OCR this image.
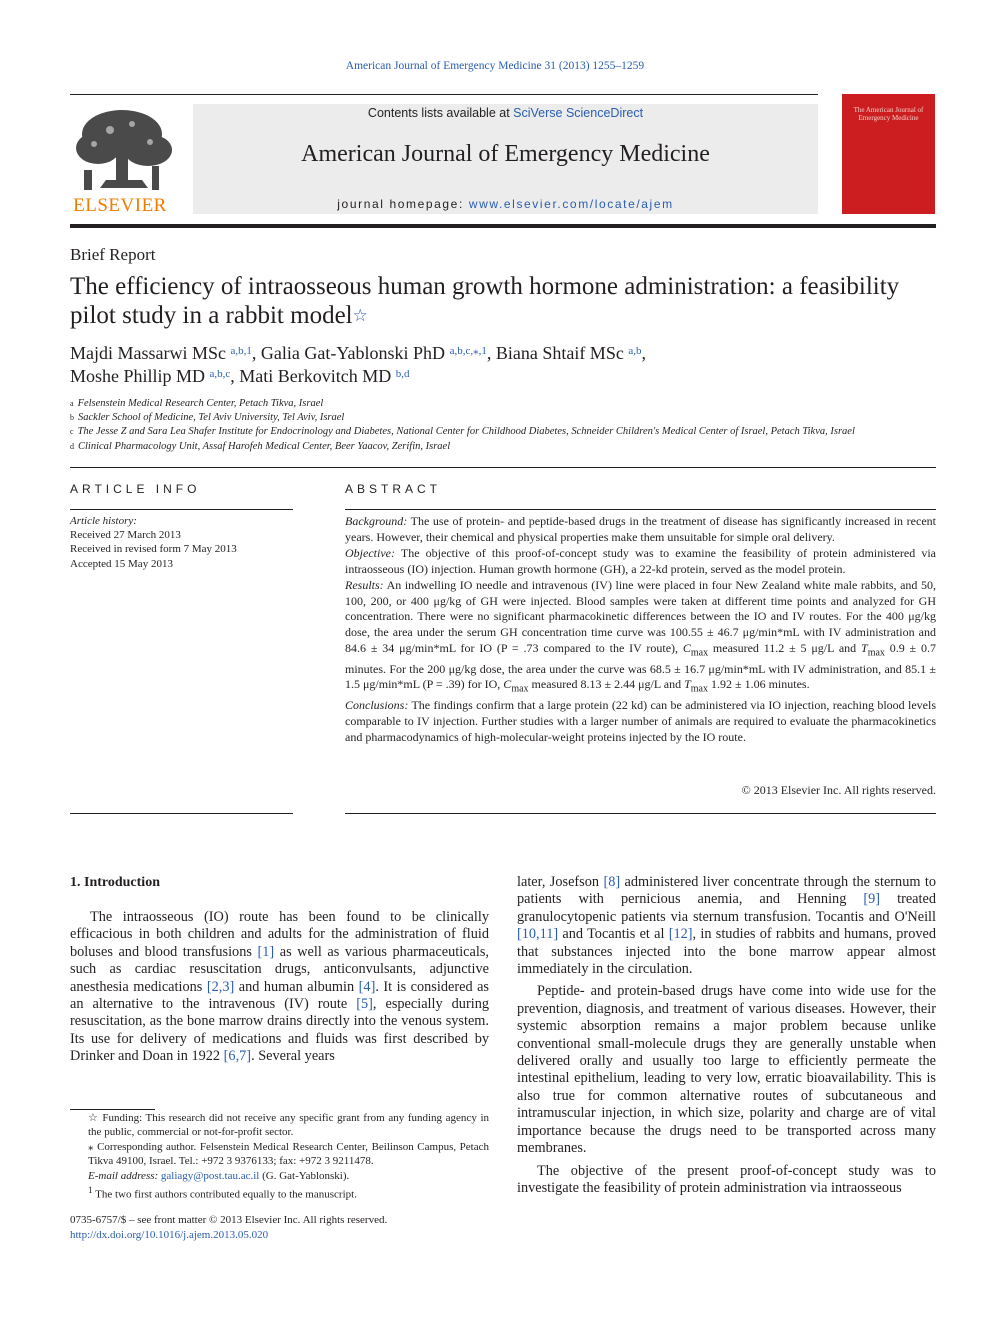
American Journal of Emergency Medicine 31 (2013) 1255–1259
ELSEVIER
Contents lists available at SciVerse ScienceDirect
American Journal of Emergency Medicine
journal homepage: www.elsevier.com/locate/ajem
The American Journal of Emergency Medicine
Brief Report
The efficiency of intraosseous human growth hormone administration: a feasibility pilot study in a rabbit model☆
Majdi Massarwi MSc $^{a,b,1}$, Galia Gat-Yablonski PhD $^{a,b,c,⁎,1}$, Biana Shtaif MSc $^{a,b}$,
Moshe Phillip MD $^{a,b,c}$, Mati Berkovitch MD $^{b,d}$
$^a$ Felsenstein Medical Research Center, Petach Tikva, Israel
$^b$ Sackler School of Medicine, Tel Aviv University, Tel Aviv, Israel
$^c$ The Jesse Z and Sara Lea Shafer Institute for Endocrinology and Diabetes, National Center for Childhood Diabetes, Schneider Children's Medical Center of Israel, Petach Tikva, Israel
$^d$ Clinical Pharmacology Unit, Assaf Harofeh Medical Center, Beer Yaacov, Zerifin, Israel
ARTICLE INFO
Article history:
Received 27 March 2013
Received in revised form 7 May 2013
Accepted 15 May 2013
ABSTRACT

Background: The use of protein- and peptide-based drugs in the treatment of disease has significantly increased in recent years. However, their chemical and physical properties make them unsuitable for simple oral delivery.

Objective: The objective of this proof-of-concept study was to examine the feasibility of protein administered via intraosseous (IO) injection. Human growth hormone (GH), a 22-kd protein, served as the model protein.

Results: An indwelling IO needle and intravenous (IV) line were placed in four New Zealand white male rabbits, and 50, 100, 200, or 400 μg/kg of GH were injected. Blood samples were taken at different time points and analyzed for GH concentration. There were no significant pharmacokinetic differences between the IO and IV routes. For the 400 μg/kg dose, the area under the serum GH concentration time curve was 100.55 ± 46.7 μg/min*mL with IV administration and 84.6 ± 34 μg/min*mL for IO (P = .73 compared to the IV route), $C_{max}$ measured 11.2 ± 5 μg/L and $T_{max}$ 0.9 ± 0.7 minutes. For the 200 μg/kg dose, the area under the curve was 68.5 ± 16.7 μg/min*mL with IV administration, and 85.1 ± 1.5 μg/min*mL (P = .39) for IO, $C_{max}$ measured 8.13 ± 2.44 μg/L and $T_{max}$ 1.92 ± 1.06 minutes.

Conclusions: The findings confirm that a large protein (22 kd) can be administered via IO injection, reaching blood levels comparable to IV injection. Further studies with a larger number of animals are required to evaluate the pharmacokinetics and pharmacodynamics of high-molecular-weight proteins injected by the IO route.

© 2013 Elsevier Inc. All rights reserved.
1. Introduction

The intraosseous (IO) route has been found to be clinically efficacious in both children and adults for the administration of fluid boluses and blood transfusions [1] as well as various pharmaceuticals, such as cardiac resuscitation drugs, anticonvulsants, adjunctive anesthesia medications [2,3] and human albumin [4]. It is considered as an alternative to the intravenous (IV) route [5], especially during resuscitation, as the bone marrow drains directly into the venous system. Its use for delivery of medications and fluids was first described by Drinker and Doan in 1922 [6,7]. Several years

later, Josefson [8] administered liver concentrate through the sternum to patients with pernicious anemia, and Henning [9] treated granulocytopenic patients via sternum transfusion. Tocantis and O'Neill [10,11] and Tocantis et al [12], in studies of rabbits and humans, proved that substances injected into the bone marrow appear almost immediately in the circulation.

Peptide- and protein-based drugs have come into wide use for the prevention, diagnosis, and treatment of various diseases. However, their systemic absorption remains a major problem because unlike conventional small-molecule drugs they are generally unstable when delivered orally and usually too large to efficiently permeate the intestinal epithelium, leading to very low, erratic bioavailability. This is also true for common alternative routes of subcutaneous and intramuscular injection, in which size, polarity and charge are of vital importance because the drugs need to be transported across many membranes.

The objective of the present proof-of-concept study was to investigate the feasibility of protein administration via intraosseous

☆ Funding: This research did not receive any specific grant from any funding agency in the public, commercial or not-for-profit sector.

⁎ Corresponding author. Felsenstein Medical Research Center, Beilinson Campus, Petach Tikva 49100, Israel. Tel.: +972 3 9376133; fax: +972 3 9211478.

E-mail address: galiagy@post.tau.ac.il (G. Gat-Yablonski).

$^1$ The two first authors contributed equally to the manuscript.

0735-6757/$ – see front matter © 2013 Elsevier Inc. All rights reserved.
http://dx.doi.org/10.1016/j.ajem.2013.05.020
